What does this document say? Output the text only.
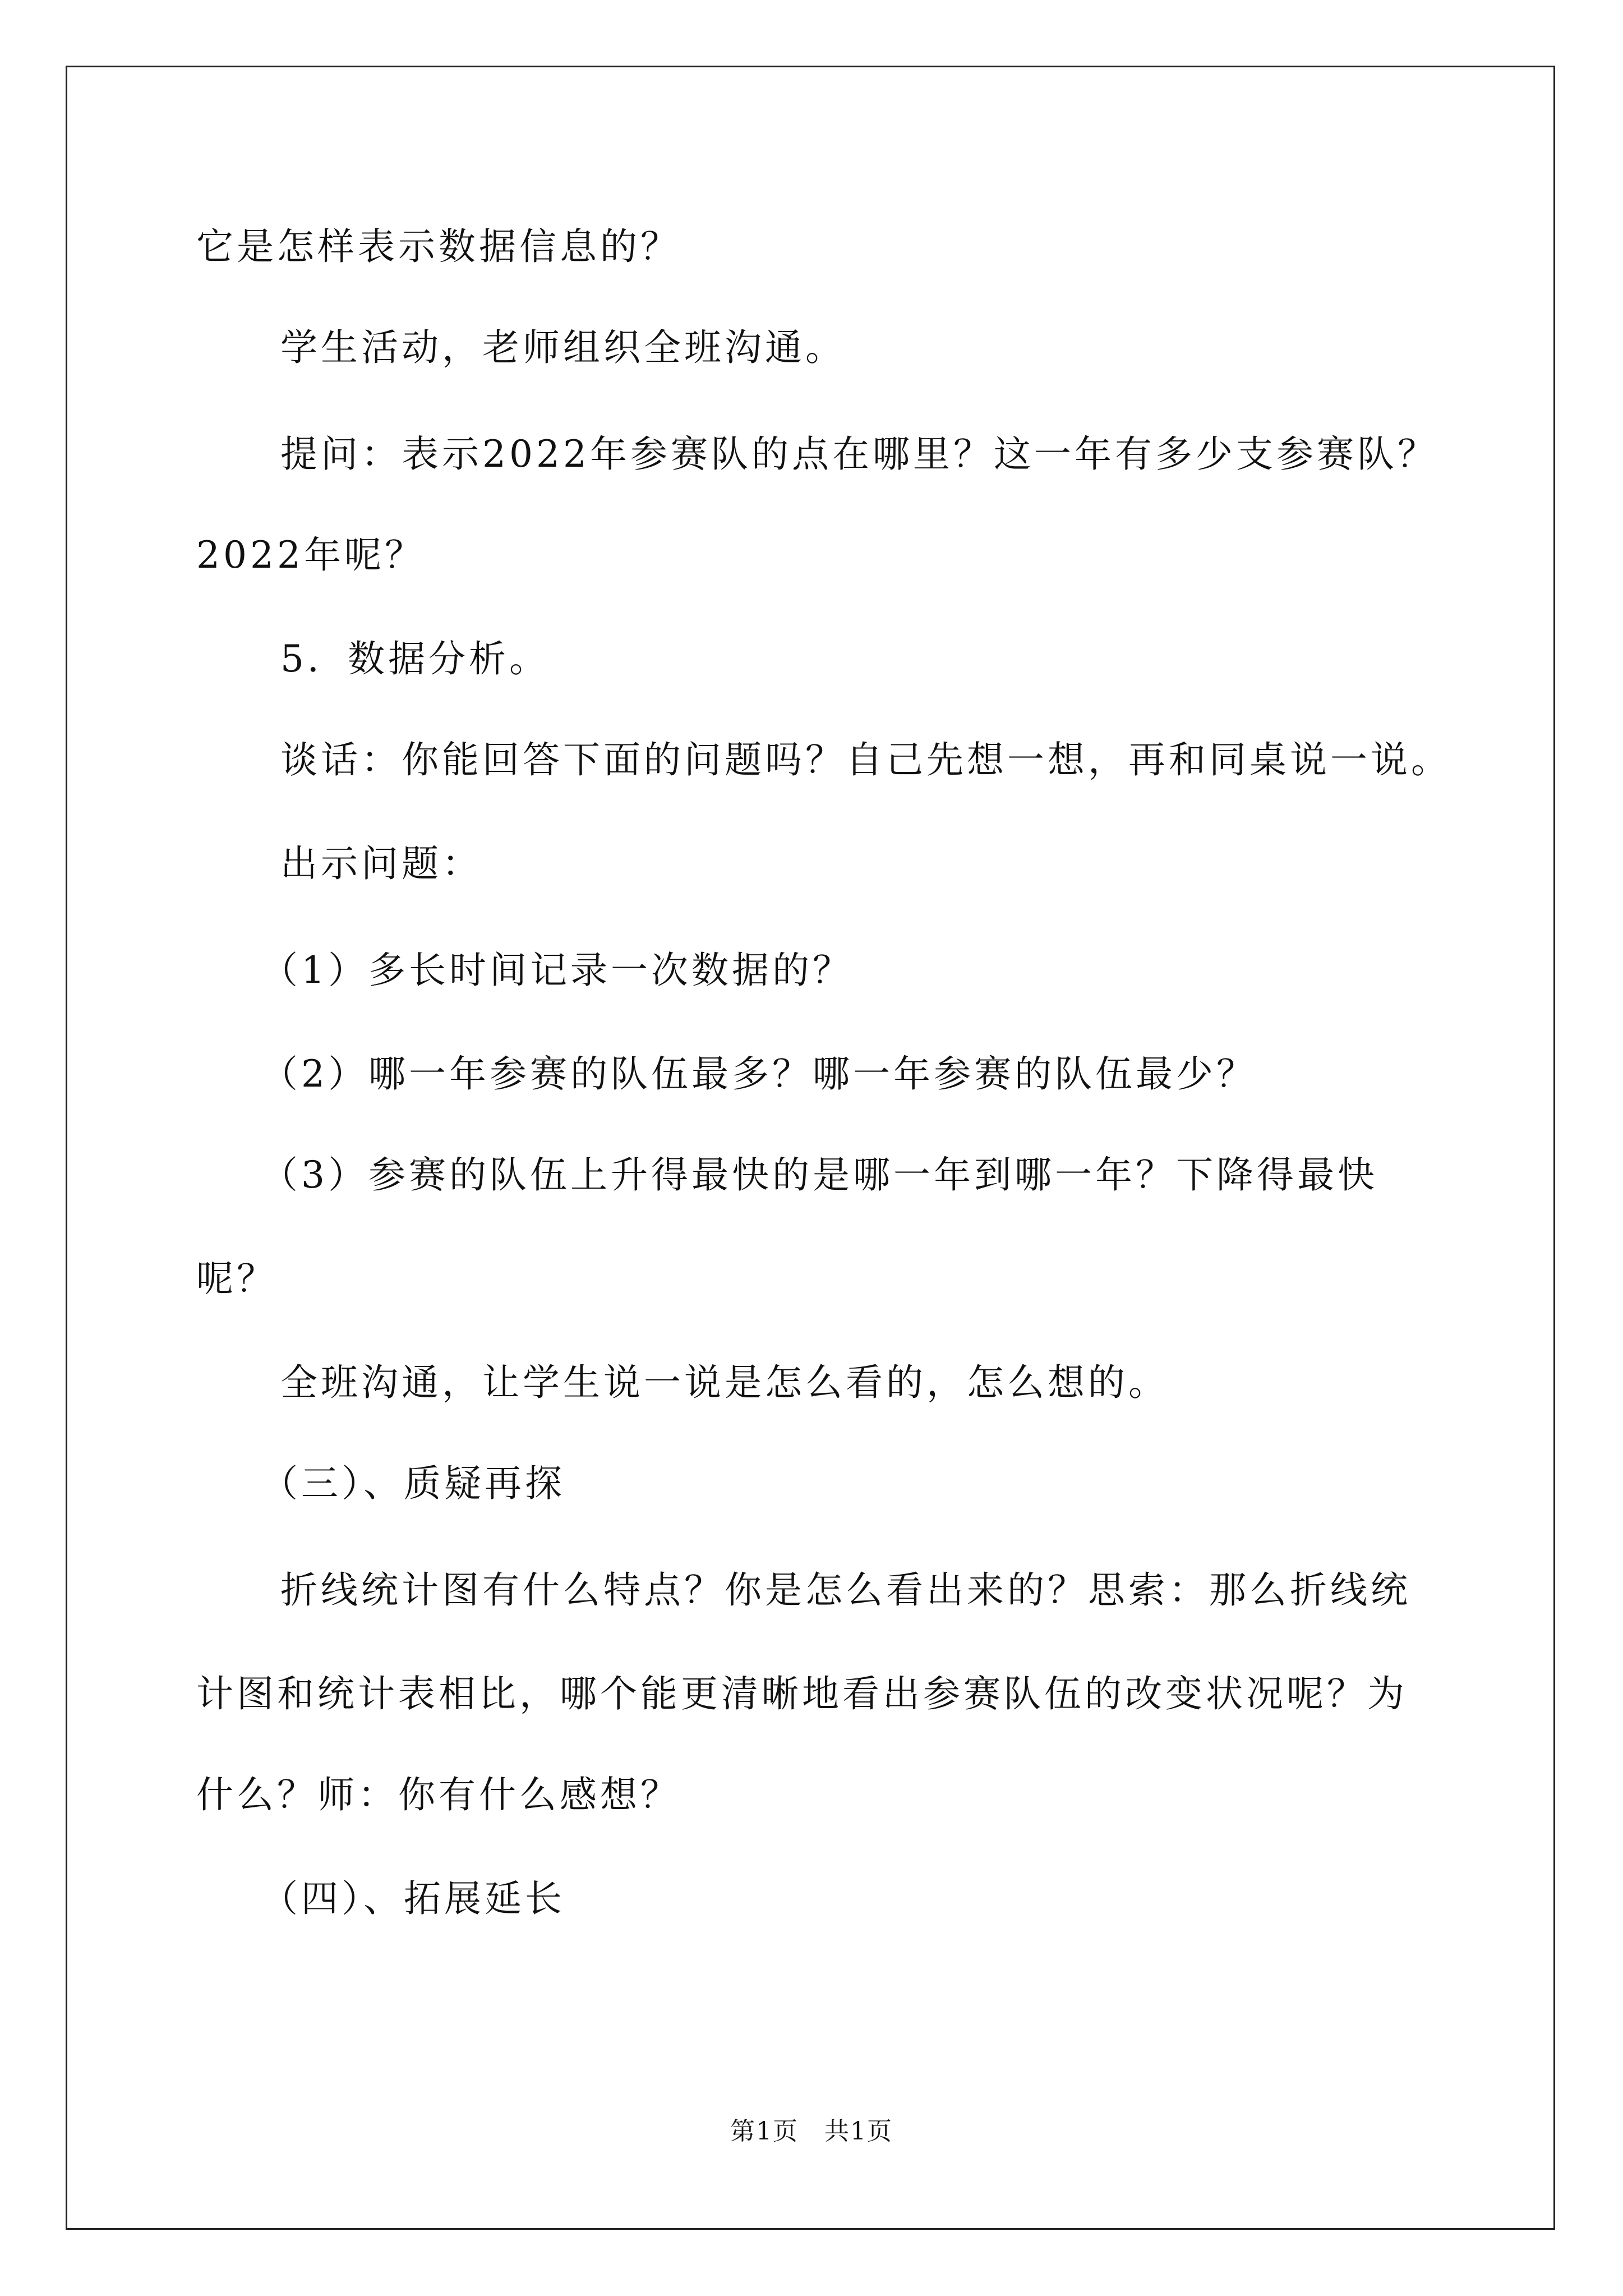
它是怎样表示数据信息的？
学生活动，老师组织全班沟通。
提问：表示2022年参赛队的点在哪里？这一年有多少支参赛队？
2022年呢？
5．数据分析。
谈话：你能回答下面的问题吗？自己先想一想，再和同桌说一说。
出示问题：
（1）多长时间记录一次数据的？
（2）哪一年参赛的队伍最多？哪一年参赛的队伍最少？
（3）参赛的队伍上升得最快的是哪一年到哪一年？下降得最快
呢？
全班沟通，让学生说一说是怎么看的，怎么想的。
（三）、质疑再探
折线统计图有什么特点？你是怎么看出来的？思索：那么折线统
计图和统计表相比，哪个能更清晰地看出参赛队伍的改变状况呢？为
什么？师：你有什么感想？
（四）、拓展延长
第1页　共1页
